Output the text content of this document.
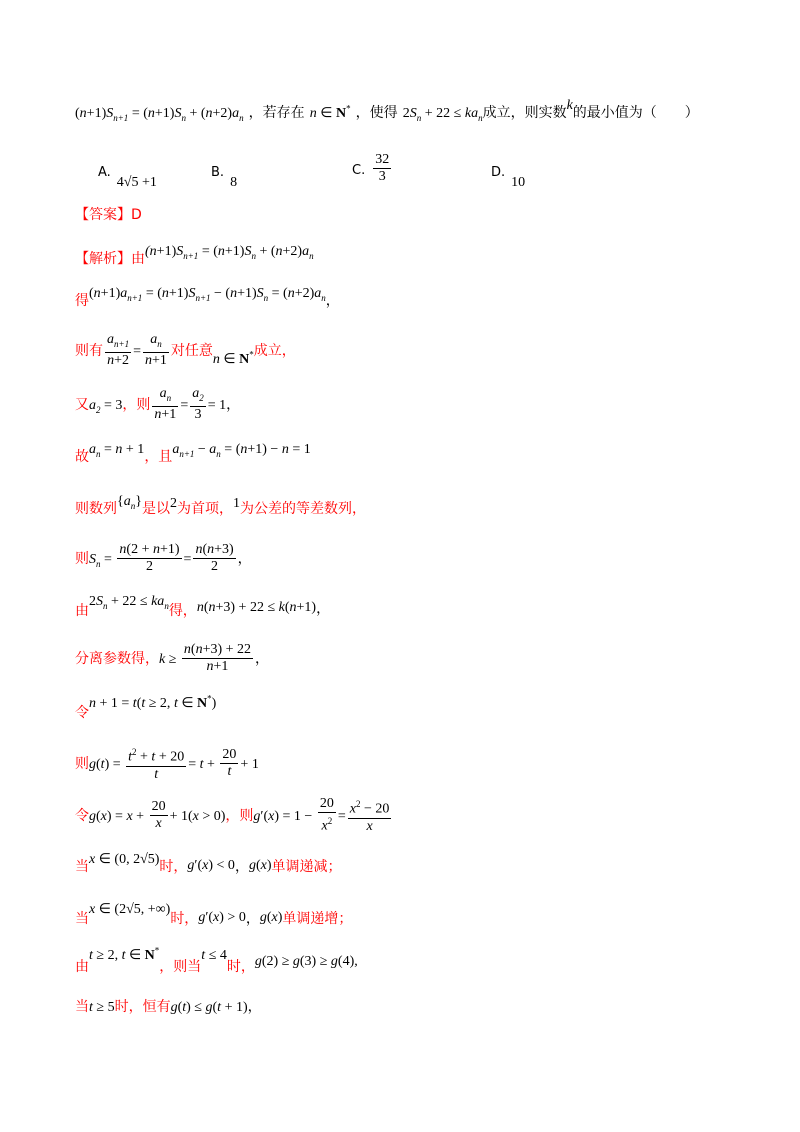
$(n+1)S_{n+1} = (n+1)S_n + (n+2)a_n$ ，若存在 n ∈ N* ，使得 $2S_n + 22 \le ka_n$成立，则实数k的最小值为（　　）
A.4√5 +1
B.8
C. $\frac{32}{3}$	D.10
【答案】D
【解析】由$(n+1)S_{n+1} = (n+1)S_n + (n+2)a_n$
得$(n+1)a_{n+1} = (n+1)S_{n+1} - (n+1)S_n = (n+2)a_n$，
则有 $\frac{a_{n+1}}{n+2} = \frac{a_n}{n+1}$ 对任意n ∈ N*成立，
又$a_2 = 3$，则 $\frac{a_n}{n+1} = \frac{a_2}{3} = 1$，
故$a_n = n + 1$，且$a_{n+1} - a_n = (n+1) - n = 1$
则数列$\{a_n\}$是以2为首项，1为公差的等差数列，
则$S_n = \frac{n(2 + n+1)}{2} = \frac{n(n+3)}{2}$ ，
由$2S_n + 22 \le ka_n$得，n(n+3) + 22 ≤ k(n+1)，
分离参数得，$k \ge \frac{n(n+3) + 22}{n+1}$ ，
令n + 1 = t(t ≥ 2, t ∈ N*)
则$g(t) = \frac{t^2 + t + 20}{t} = t + \frac{20}{t} + 1$
令$g(x) = x + \frac{20}{x} + 1(x > 0)$，则$g'(x) = 1 - \frac{20}{x^2} = \frac{x^2 - 20}{x}$
当x ∈ (0, 2√5)时，g′(x) < 0，g(x)单调递减；
当x ∈ (2√5, +∞)时，g′(x) > 0，g(x)单调递增；
由t ≥ 2, t ∈ N*，则当t ≤ 4时，g(2) ≥ g(3) ≥ g(4),
当t ≥ 5时，恒有g(t) ≤ g(t + 1)，
